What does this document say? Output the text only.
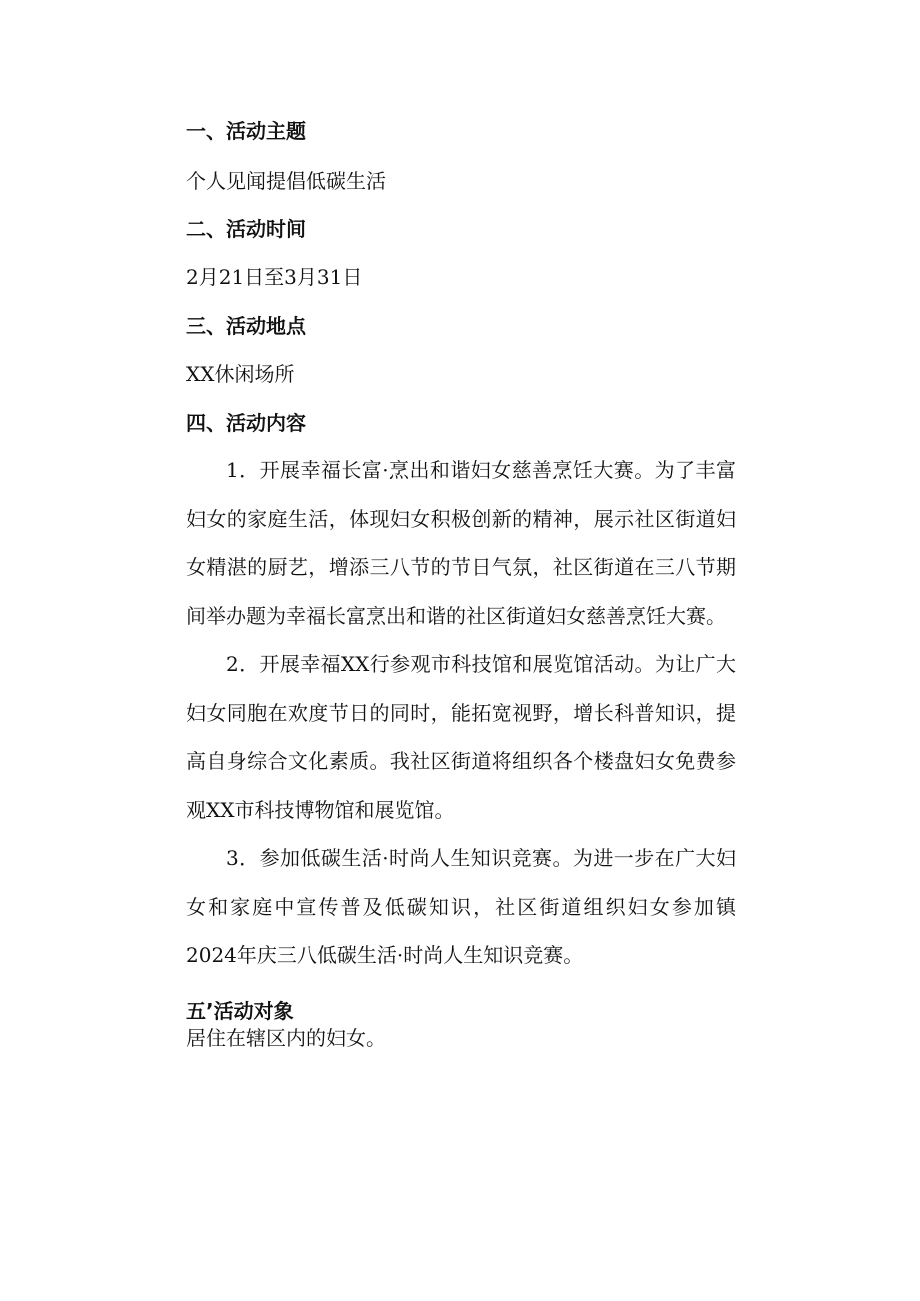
一、活动主题
个人见闻提倡低碳生活
二、活动时间
2月21日至3月31日
三、活动地点
XX休闲场所
四、活动内容
1．开展幸福长富·烹出和谐妇女慈善烹饪大赛。为了丰富妇女的家庭生活，体现妇女积极创新的精神，展示社区街道妇女精湛的厨艺，增添三八节的节日气氛，社区街道在三八节期间举办题为幸福长富烹出和谐的社区街道妇女慈善烹饪大赛。
2．开展幸福XX行参观市科技馆和展览馆活动。为让广大妇女同胞在欢度节日的同时，能拓宽视野，增长科普知识，提高自身综合文化素质。我社区街道将组织各个楼盘妇女免费参观XX市科技博物馆和展览馆。
3．参加低碳生活·时尚人生知识竞赛。为进一步在广大妇女和家庭中宣传普及低碳知识，社区街道组织妇女参加镇2024年庆三八低碳生活·时尚人生知识竞赛。
五’活动对象
居住在辖区内的妇女。
